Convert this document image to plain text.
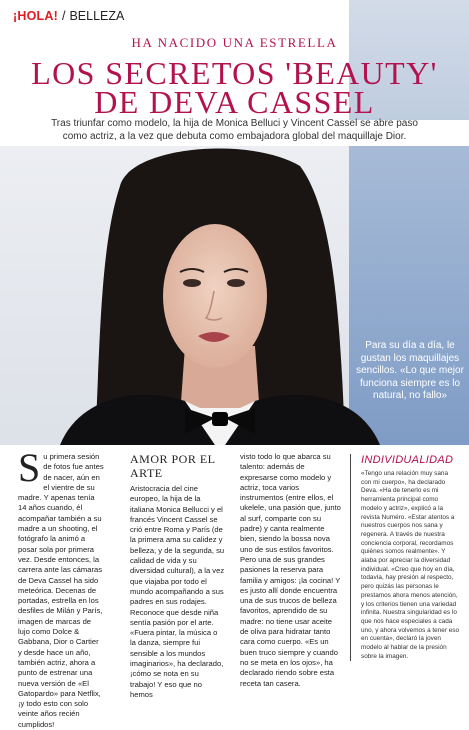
¡HOLA! / BELLEZA
HA NACIDO UNA ESTRELLA
LOS SECRETOS 'BEAUTY'
DE DEVA CASSEL

Tras triunfar como modelo, la hija de Monica Belluci y Vincent Cassel se abre paso como actriz, a la vez que debuta como embajadora global del maquillaje Dior.

Para su día a día, le gustan los maquillajes sencillos. «Lo que mejor funciona siempre es lo natural, no fallo»

S u primera sesión de fotos fue antes de nacer, aún en el vientre de su madre. Y apenas tenía 14 años cuando, él acompañar también a su madre a un shooting, el fotógrafo la animó a posar sola por primera vez. Desde entonces, la carrera ante las cámaras de Deva Cassel ha sido meteórica. Decenas de portadas, estrella en los desfiles de Milán y París, imagen de marcas de lujo como Dolce & Gabbana, Dior o Cartier y desde hace un año, también actriz, ahora a punto de estrenar una nueva versión de «El Gatopardo» para Netflix, ¡y todo esto con solo veinte años recién cumplidos!
AMOR POR EL ARTE

Aristocracia del cine europeo, la hija de la italiana Monica Bellucci y el francés Vincent Cassel se crió entre Roma y París (de la primera ama su calidez y belleza, y de la segunda, su calidad de vida y su diversidad cultural), a la vez que viajaba por todo el mundo acompañando a sus padres en sus rodajes. Reconoce que desde niña sentía pasión por el arte. «Fuera pintar, la música o la danza, siempre fui sensible a los mundos imaginarios», ha declarado, ¡cómo se nota en su trabajo! Y eso que no hemos

visto todo lo que abarca su talento: además de expresarse como modelo y actriz, toca varios instrumentos (entre ellos, el ukelele, una pasión que, junto al surf, comparte con su padre) y canta realmente bien, siendo la bossa nova uno de sus estilos favoritos. Pero una de sus grandes pasiones la reserva para familia y amigos: ¡la cocina! Y es justo allí donde encuentra una de sus trucos de belleza favoritos, aprendido de su madre: no tiene usar aceite de oliva para hidratar tanto cara como cuerpo. «Es un buen truco siempre y cuando no se meta en los ojos», ha declarado riendo sobre esta receta tan casera.

INDIVIDUALIDAD

«Tengo una relación muy sana con mi cuerpo», ha declarado Deva. «Ha de tenerlo es mi herramienta principal como modelo y actriz», explicó a la revista Numéro. «Estar atentos a nuestros cuerpos nos sana y regenera. A través de nuestra conciencia corporal, recordamos quiénes somos realmente». Y alaba por apreciar la diversidad individual. «Creo que hoy en día, todavía, hay presión al respecto, pero quizás las personas le prestamos ahora menos atención, y los criterios tienen una variedad infinita. Nuestra singularidad es lo que nos hace especiales a cada uno, y ahora volvemos a tener eso en cuenta», declaró la joven modelo al hablar de la presión sobre la imagen.
